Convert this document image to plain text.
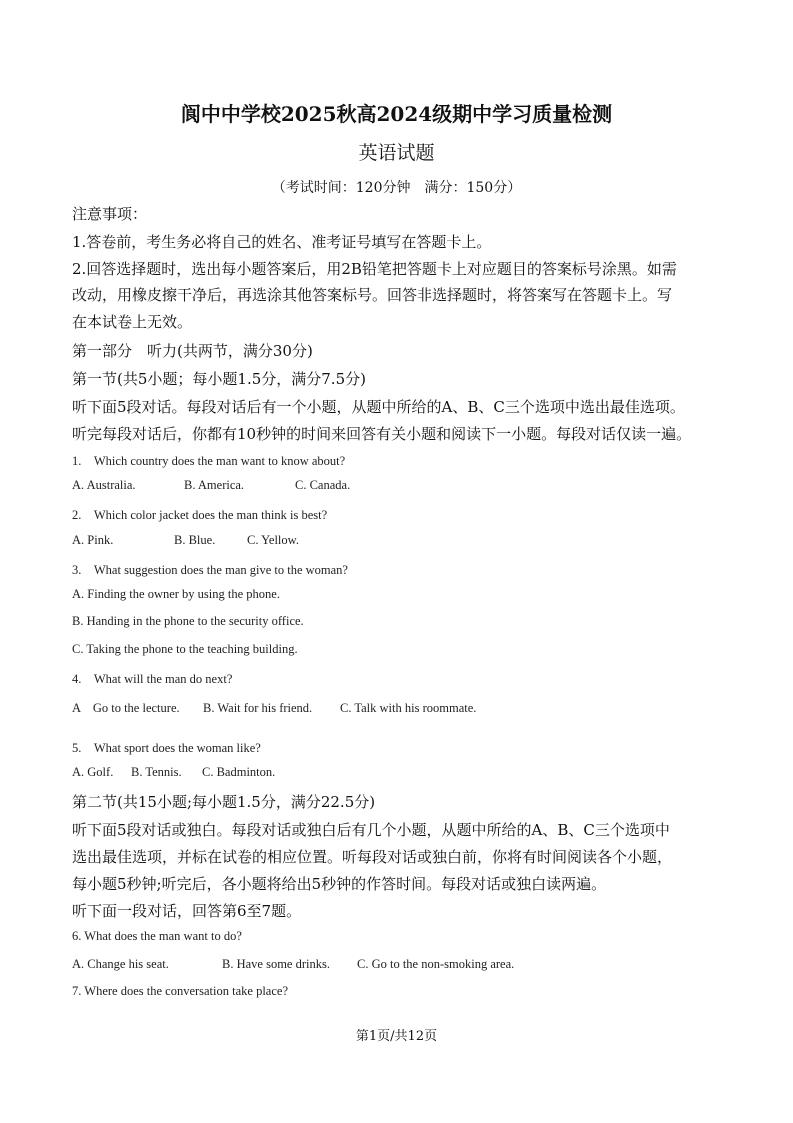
阆中中学校2025秋高2024级期中学习质量检测
英语试题
（考试时间：120分钟　满分：150分）
注意事项：
1.答卷前，考生务必将自己的姓名、准考证号填写在答题卡上。
2.回答选择题时，选出每小题答案后，用2B铅笔把答题卡上对应题目的答案标号涂黑。如需
改动，用橡皮擦干净后，再选涂其他答案标号。回答非选择题时，将答案写在答题卡上。写
在本试卷上无效。
第一部分　听力(共两节，满分30分)
第一节(共5小题；每小题1.5分，满分7.5分)
听下面5段对话。每段对话后有一个小题，从题中所给的A、B、C三个选项中选出最佳选项。
听完每段对话后，你都有10秒钟的时间来回答有关小题和阅读下一小题。每段对话仅读一遍。
1.　Which country does the man want to know about?
A. Australia.	B. America.	C. Canada.
2.　Which color jacket does the man think is best?
A. Pink.	B. Blue.	C. Yellow.
3.　What suggestion does the man give to the woman?
A. Finding the owner by using the phone.
B. Handing in the phone to the security office.
C. Taking the phone to the teaching building.
4.　What will the man do next?
A　Go to the lecture. B. Wait for his friend. C. Talk with his roommate.
5.　What sport does the woman like?
A. Golf. B. Tennis. C. Badminton.
第二节(共15小题;每小题1.5分，满分22.5分)
听下面5段对话或独白。每段对话或独白后有几个小题，从题中所给的A、B、C三个选项中
选出最佳选项，并标在试卷的相应位置。听每段对话或独白前，你将有时间阅读各个小题，
每小题5秒钟;听完后，各小题将给出5秒钟的作答时间。每段对话或独白读两遍。
听下面一段对话，回答第6至7题。
6. What does the man want to do?
A. Change his seat.	B. Have some drinks. C. Go to the non-smoking area.
7. Where does the conversation take place?
第1页/共12页
